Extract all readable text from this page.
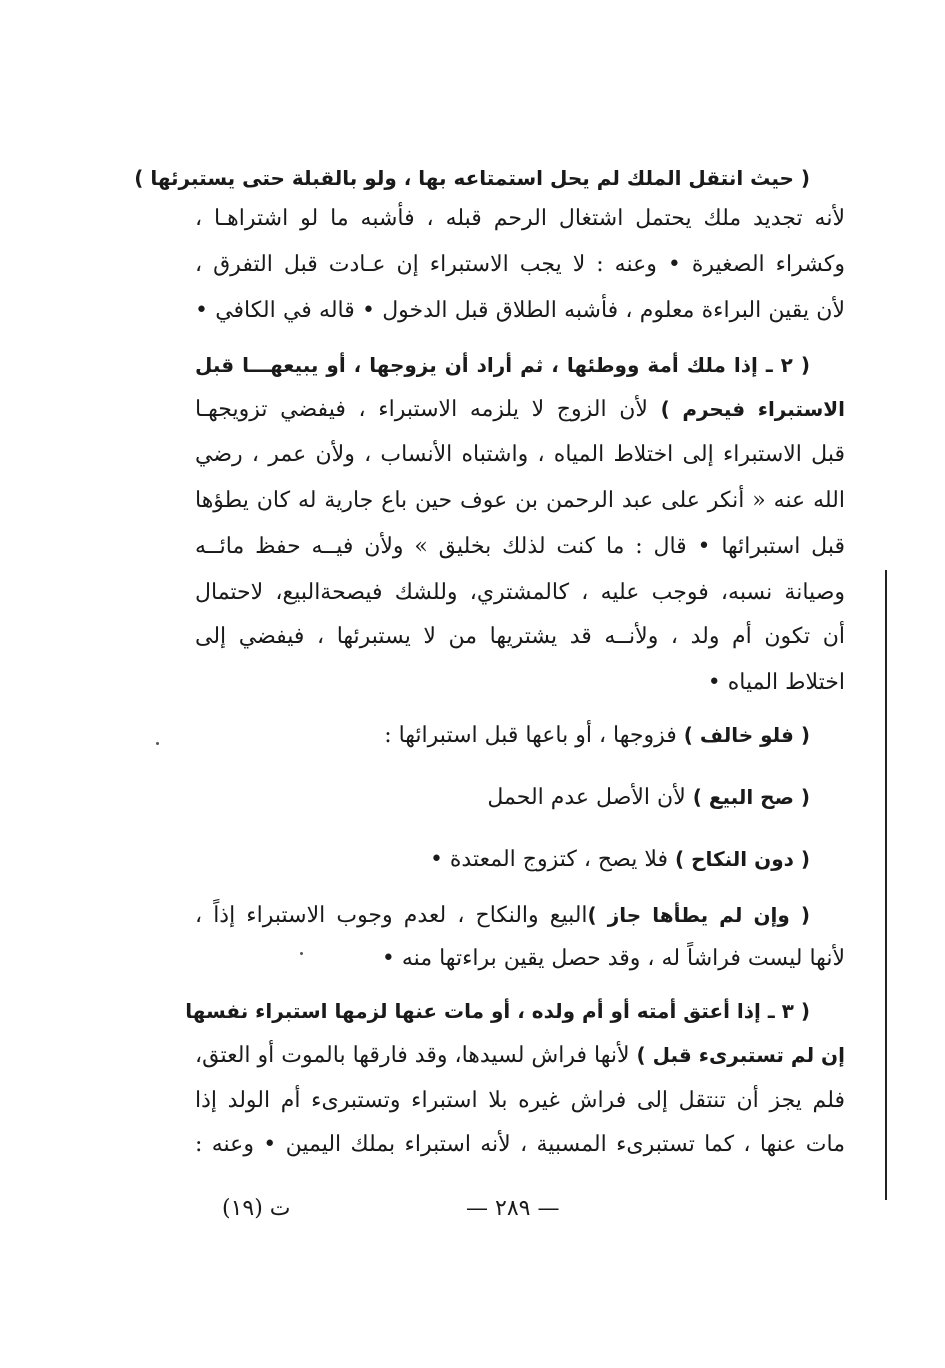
( حيث انتقل الملك لم يحل استمتاعه بها ، ولو بالقبلة حتى يستبرئها )
لأنه تجديد ملك يحتمل اشتغال الرحم قبله ، فأشبه ما لو اشتراهـا ،
وكشراء الصغيرة • وعنه : لا يجب الاستبراء إن عـادت قبل التفرق ،
لأن يقين البراءة معلوم ، فأشبه الطلاق قبل الدخول • قاله في الكافي •
( ٢ ـ إذا ملك أمة ووطئها ، ثم أراد أن يزوجها ، أو يبيعهـــا قبل
الاستبراء فيحرم ) لأن الزوج لا يلزمه الاستبراء ، فيفضي تزويجهـا
قبل الاستبراء إلى اختلاط المياه ، واشتباه الأنساب ، ولأن عمر ، رضي
الله عنه « أنكر على عبد الرحمن بن عوف حين باع جارية له كان يطؤها
قبل استبرائها • قال : ما كنت لذلك بخليق » ولأن فيــه حفظ مائــه
وصيانة نسبه، فوجب عليه ، كالمشتري، وللشك فيصحةالبيع، لاحتمال
أن تكون أم ولد ، ولأنــه قد يشتريها من لا يستبرئها ، فيفضي إلى
اختلاط المياه •
( فلو خالف ) فزوجها ، أو باعها قبل استبرائها :
( صح البيع ) لأن الأصل عدم الحمل
( دون النكاح ) فلا يصح ، كتزوج المعتدة •
( وإن لم يطأها جاز )البيع والنكاح ، لعدم وجوب الاستبراء إذاً ،
لأنها ليست فراشاً له ، وقد حصل يقين براءتها منه •
( ٣ ـ إذا أعتق أمته أو أم ولده ، أو مات عنها لزمها استبراء نفسها
إن لم تستبرىء قبل ) لأنها فراش لسيدها، وقد فارقها بالموت أو العتق،
فلم يجز أن تنتقل إلى فراش غيره بلا استبراء وتستبرىء أم الولد إذا
مات عنها ، كما تستبرىء المسبية ، لأنه استبراء بملك اليمين • وعنه :
ت (١٩)	— ٢٨٩ —
